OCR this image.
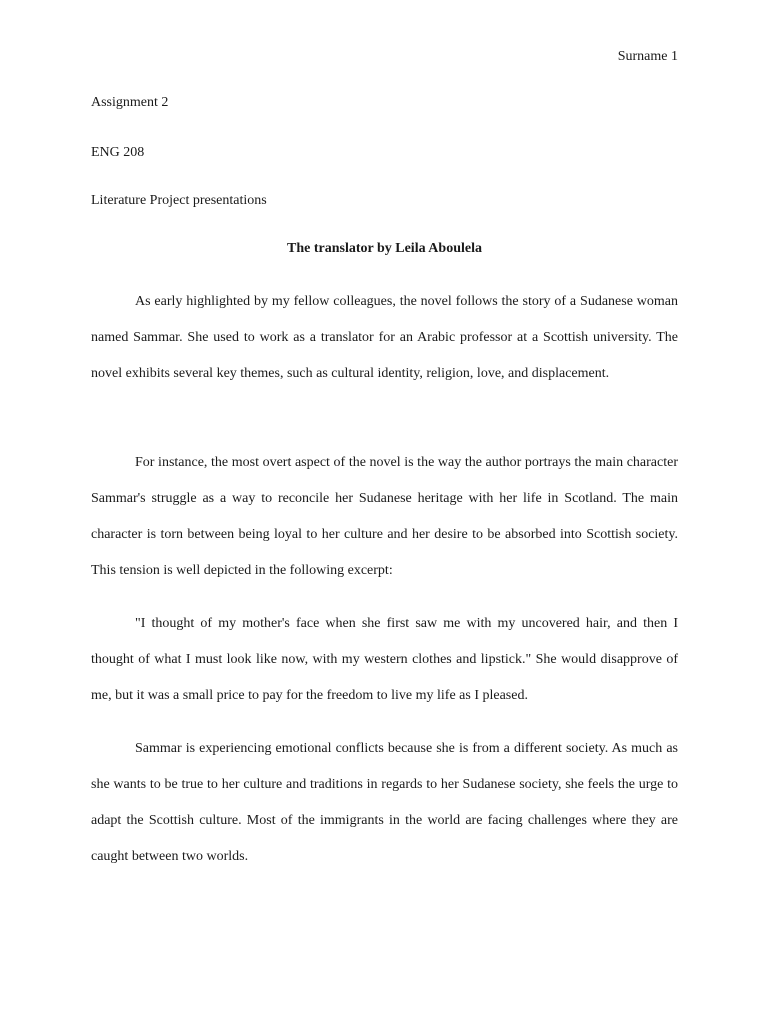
Surname 1
Assignment 2
ENG 208
Literature Project presentations
The translator by Leila Aboulela

As early highlighted by my fellow colleagues, the novel follows the story of a Sudanese woman named Sammar. She used to work as a translator for an Arabic professor at a Scottish university. The novel exhibits several key themes, such as cultural identity, religion, love, and displacement.

For instance, the most overt aspect of the novel is the way the author portrays the main character Sammar's struggle as a way to reconcile her Sudanese heritage with her life in Scotland. The main character is torn between being loyal to her culture and her desire to be absorbed into Scottish society. This tension is well depicted in the following excerpt:

"I thought of my mother's face when she first saw me with my uncovered hair, and then I thought of what I must look like now, with my western clothes and lipstick." She would disapprove of me, but it was a small price to pay for the freedom to live my life as I pleased.

Sammar is experiencing emotional conflicts because she is from a different society. As much as she wants to be true to her culture and traditions in regards to her Sudanese society, she feels the urge to adapt the Scottish culture. Most of the immigrants in the world are facing challenges where they are caught between two worlds.
